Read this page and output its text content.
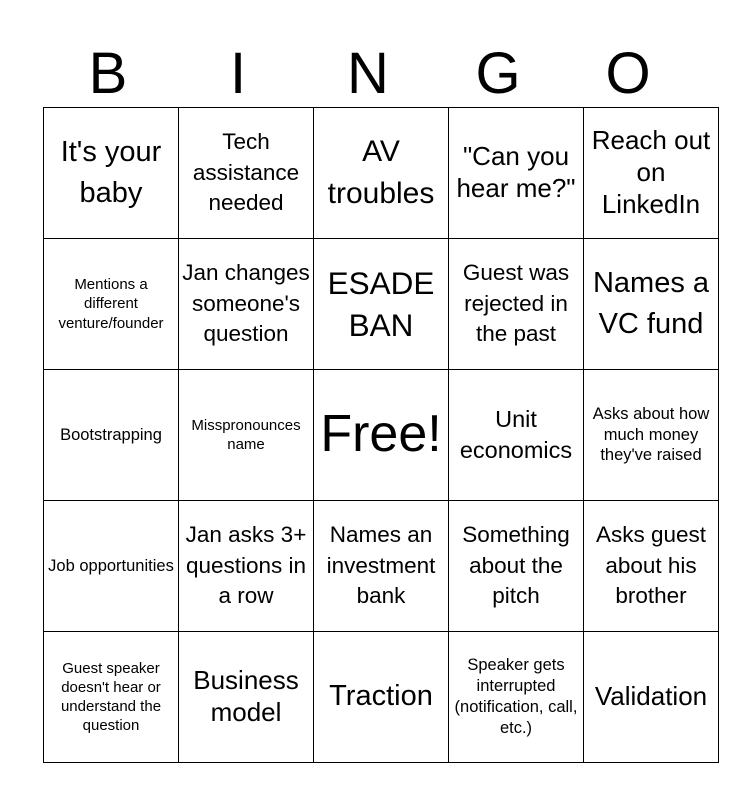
B	I	N	G	O
It's your baby	Tech assistance needed	AV troubles	"Can you hear me?"	Reach out on LinkedIn
Mentions a different venture/founder	Jan changes someone's question	ESADE BAN	Guest was rejected in the past	Names a VC fund
Bootstrapping	Misspronounces name	Free!	Unit economics	Asks about how much money they've raised
Job opportunities	Jan asks 3+ questions in a row	Names an investment bank	Something about the pitch	Asks guest about his brother
Guest speaker doesn't hear or understand the question	Business model	Traction	Speaker gets interrupted (notification, call, etc.)	Validation
